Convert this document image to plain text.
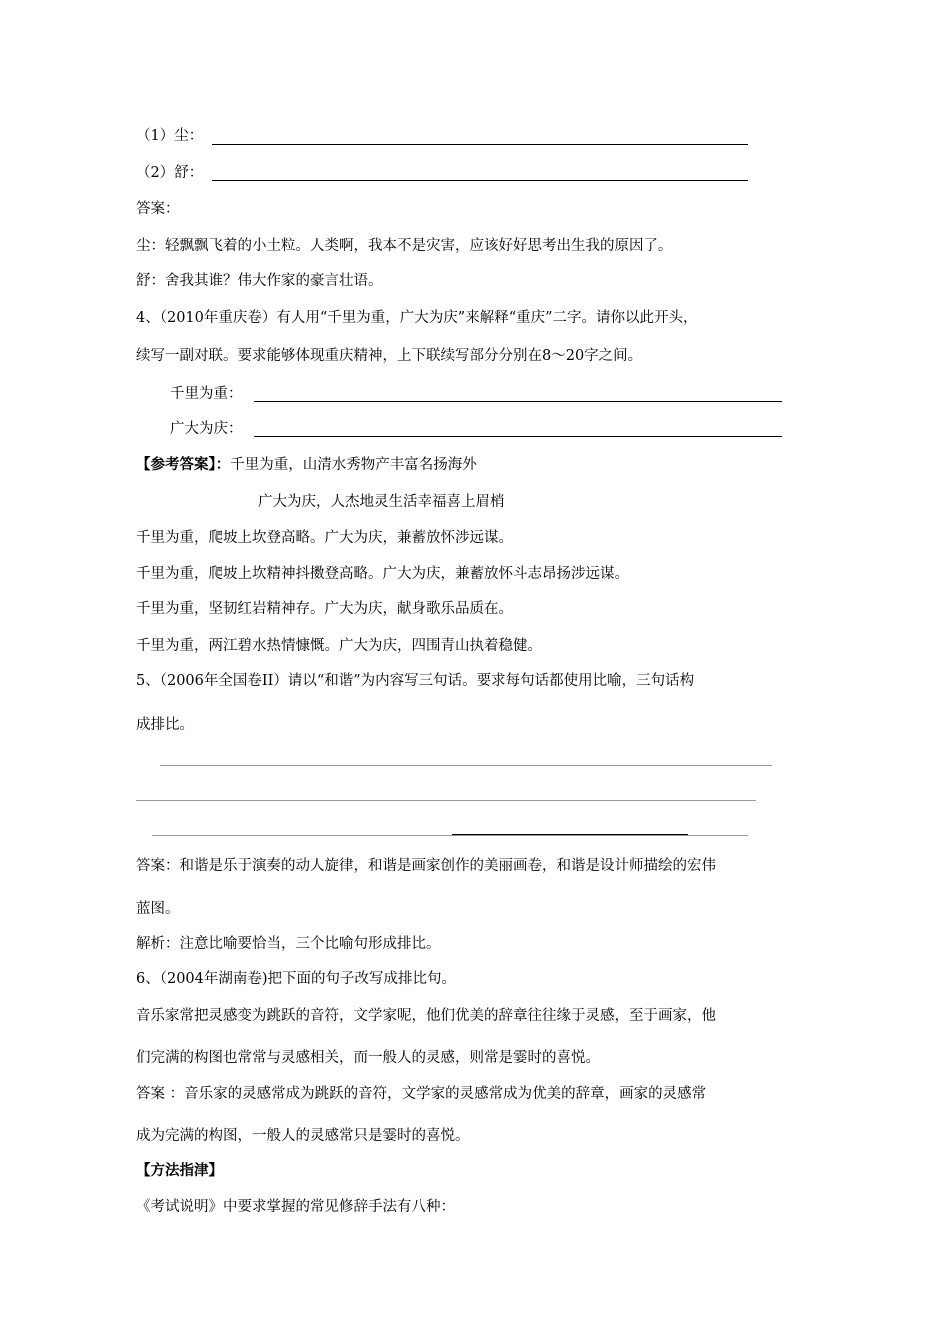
（1）尘：
（2）舒：
答案：
尘：轻飘飘飞着的小土粒。人类啊，我本不是灾害，应该好好思考出生我的原因了。
舒：舍我其谁？伟大作家的豪言壮语。
4、（2010年重庆卷）有人用“千里为重，广大为庆”来解释“重庆”二字。请你以此开头，
续写一副对联。要求能够体现重庆精神，上下联续写部分分别在8～20字之间。
千里为重：
广大为庆：
【参考答案】：千里为重，山清水秀物产丰富名扬海外
广大为庆，人杰地灵生活幸福喜上眉梢
千里为重，爬坡上坎登高略。广大为庆，兼蓄放怀涉远谋。
千里为重，爬坡上坎精神抖擞登高略。广大为庆，兼蓄放怀斗志昂扬涉远谋。
千里为重，坚韧红岩精神存。广大为庆，献身歌乐品质在。
千里为重，两江碧水热情慷慨。广大为庆，四围青山执着稳健。
5、（2006年全国卷II）请以“和谐”为内容写三句话。要求每句话都使用比喻，三句话构
成排比。
答案：和谐是乐于演奏的动人旋律，和谐是画家创作的美丽画卷，和谐是设计师描绘的宏伟
蓝图。
解析：注意比喻要恰当，三个比喻句形成排比。
6、（2004年湖南卷)把下面的句子改写成排比句。
音乐家常把灵感变为跳跃的音符，文学家呢，他们优美的辞章往往缘于灵感，至于画家，他
们完满的构图也常常与灵感相关，而一般人的灵感，则常是霎时的喜悦。
答案 ：音乐家的灵感常成为跳跃的音符，文学家的灵感常成为优美的辞章，画家的灵感常
成为完满的构图，一般人的灵感常只是霎时的喜悦。
【方法指津】
《考试说明》中要求掌握的常见修辞手法有八种：
